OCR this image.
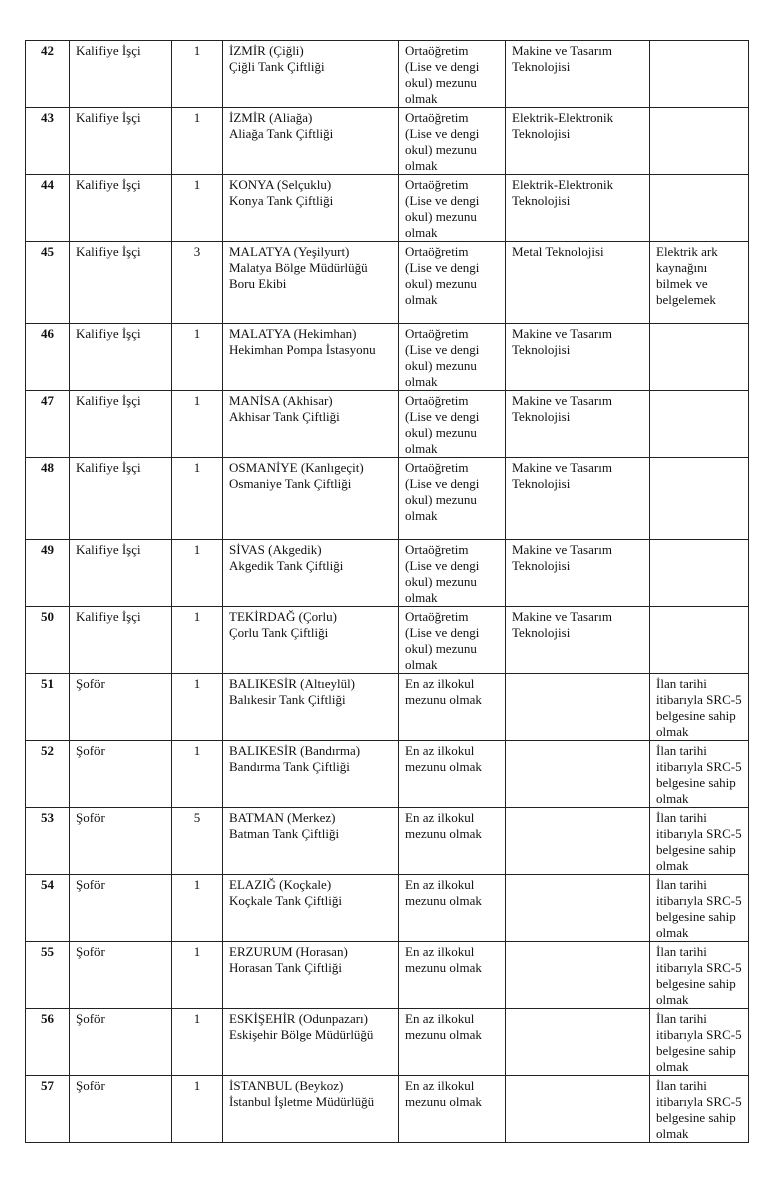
42	Kalifiye İşçi	1	İZMİR (Çiğli)
Çiğli Tank Çiftliği	Ortaöğretim
(Lise ve dengi
okul) mezunu
olmak	Makine ve Tasarım
Teknolojisi	
43	Kalifiye İşçi	1	İZMİR (Aliağa)
Aliağa Tank Çiftliği	Ortaöğretim
(Lise ve dengi
okul) mezunu
olmak	Elektrik-Elektronik
Teknolojisi	
44	Kalifiye İşçi	1	KONYA (Selçuklu)
Konya Tank Çiftliği	Ortaöğretim
(Lise ve dengi
okul) mezunu
olmak	Elektrik-Elektronik
Teknolojisi	
45	Kalifiye İşçi	3	MALATYA (Yeşilyurt)
Malatya Bölge Müdürlüğü
Boru Ekibi	Ortaöğretim
(Lise ve dengi
okul) mezunu
olmak	Metal Teknolojisi	Elektrik ark
kaynağını
bilmek ve
belgelemek
46	Kalifiye İşçi	1	MALATYA (Hekimhan)
Hekimhan Pompa İstasyonu	Ortaöğretim
(Lise ve dengi
okul) mezunu
olmak	Makine ve Tasarım
Teknolojisi	
47	Kalifiye İşçi	1	MANİSA (Akhisar)
Akhisar Tank Çiftliği	Ortaöğretim
(Lise ve dengi
okul) mezunu
olmak	Makine ve Tasarım
Teknolojisi	
48	Kalifiye İşçi	1	OSMANİYE (Kanlıgeçit)
Osmaniye Tank Çiftliği	Ortaöğretim
(Lise ve dengi
okul) mezunu
olmak	Makine ve Tasarım
Teknolojisi	
49	Kalifiye İşçi	1	SİVAS (Akgedik)
Akgedik Tank Çiftliği	Ortaöğretim
(Lise ve dengi
okul) mezunu
olmak	Makine ve Tasarım
Teknolojisi	
50	Kalifiye İşçi	1	TEKİRDAĞ (Çorlu)
Çorlu Tank Çiftliği	Ortaöğretim
(Lise ve dengi
okul) mezunu
olmak	Makine ve Tasarım
Teknolojisi	
51	Şoför	1	BALIKESİR (Altıeylül)
Balıkesir Tank Çiftliği	En az ilkokul
mezunu olmak		İlan tarihi
itibarıyla SRC-5
belgesine sahip
olmak
52	Şoför	1	BALIKESİR (Bandırma)
Bandırma Tank Çiftliği	En az ilkokul
mezunu olmak		İlan tarihi
itibarıyla SRC-5
belgesine sahip
olmak
53	Şoför	5	BATMAN (Merkez)
Batman Tank Çiftliği	En az ilkokul
mezunu olmak		İlan tarihi
itibarıyla SRC-5
belgesine sahip
olmak
54	Şoför	1	ELAZIĞ (Koçkale)
Koçkale Tank Çiftliği	En az ilkokul
mezunu olmak		İlan tarihi
itibarıyla SRC-5
belgesine sahip
olmak
55	Şoför	1	ERZURUM (Horasan)
Horasan Tank Çiftliği	En az ilkokul
mezunu olmak		İlan tarihi
itibarıyla SRC-5
belgesine sahip
olmak
56	Şoför	1	ESKİŞEHİR (Odunpazarı)
Eskişehir Bölge Müdürlüğü	En az ilkokul
mezunu olmak		İlan tarihi
itibarıyla SRC-5
belgesine sahip
olmak
57	Şoför	1	İSTANBUL (Beykoz)
İstanbul İşletme Müdürlüğü	En az ilkokul
mezunu olmak		İlan tarihi
itibarıyla SRC-5
belgesine sahip
olmak
